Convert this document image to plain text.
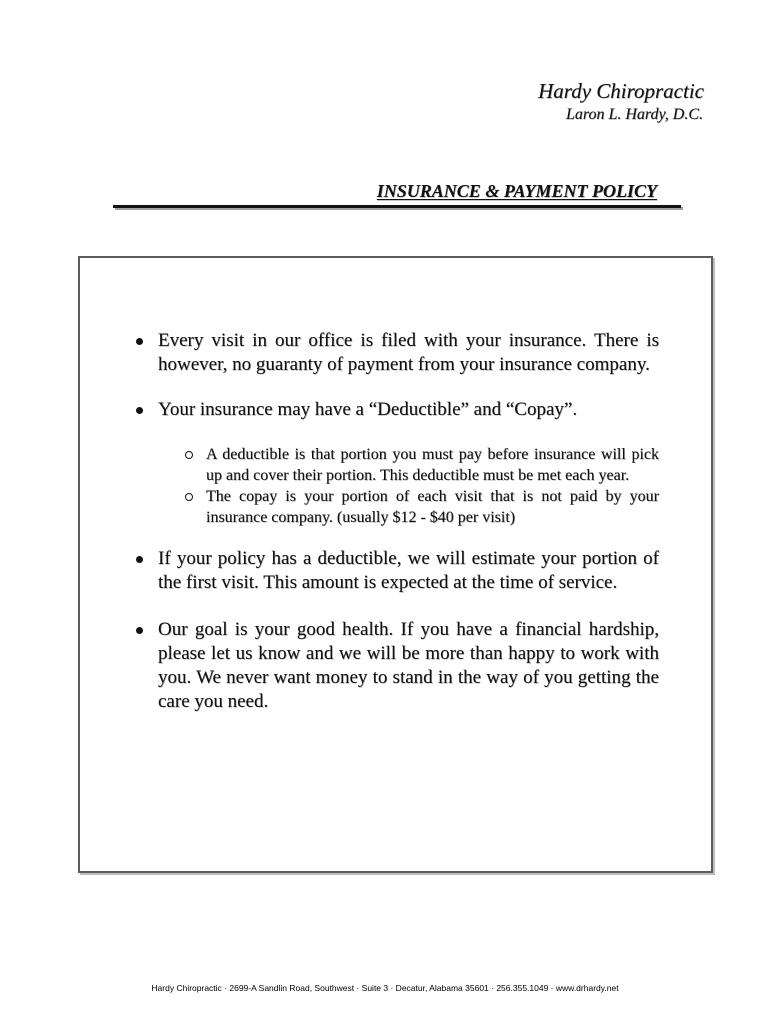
Hardy Chiropractic
Laron L. Hardy, D.C.
INSURANCE & PAYMENT POLICY
Every visit in our office is filed with your insurance. There is however, no guaranty of payment from your insurance company.
Your insurance may have a “Deductible” and “Copay”.
A deductible is that portion you must pay before insurance will pick up and cover their portion. This deductible must be met each year.
The copay is your portion of each visit that is not paid by your insurance company. (usually $12 - $40 per visit)
If your policy has a deductible, we will estimate your portion of the first visit. This amount is expected at the time of service.
Our goal is your good health. If you have a financial hardship, please let us know and we will be more than happy to work with you. We never want money to stand in the way of you getting the care you need.
Hardy Chiropractic · 2699-A Sandlin Road, Southwest · Suite 3 · Decatur, Alabama 35601 · 256.355.1049 · www.drhardy.net
